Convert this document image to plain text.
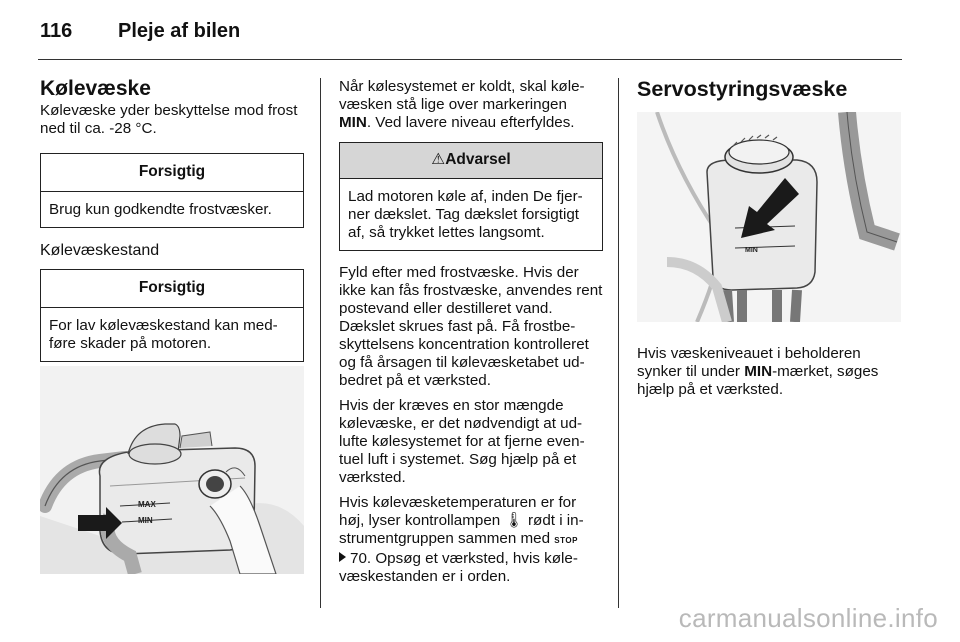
116 Pleje af bilen
Kølevæske

Kølevæske yder beskyttelse mod frost ned til ca. -28 °C.

Forsigtig
Brug kun godkendte frostvæsker.
Kølevæskestand
Forsigtig
For lav kølevæskestand kan med-føre skader på motoren.
MAX
MIN

Når kølesystemet er koldt, skal køle-væsken stå lige over markeringen MIN. Ved lavere niveau efterfyldes.

⚠Advarsel
Lad motoren køle af, inden De fjer-ner dækslet. Tag dækslet forsigtigt af, så trykket lettes langsomt.

Fyld efter med frostvæske. Hvis der ikke kan fås frostvæske, anvendes rent postevand eller destilleret vand. Dækslet skrues fast på. Få frostbe-skyttelsens koncentration kontrolleret og få årsagen til kølevæsketabet ud-bedret på et værksted.

Hvis der kræves en stor mængde kølevæske, er det nødvendigt at ud-lufte kølesystemet for at fjerne even-tuel luft i systemet. Søg hjælp på et værksted.

Hvis kølevæsketemperaturen er for høj, lyser kontrollampen 🌡 rødt i in-strumentgruppen sammen med STOP
70. Opsøg et værksted, hvis køle-væskestanden er i orden.

Servostyringsvæske
MIN

Hvis væskeniveauet i beholderen synker til under MIN-mærket, søges hjælp på et værksted.

carmanualsonline.info
